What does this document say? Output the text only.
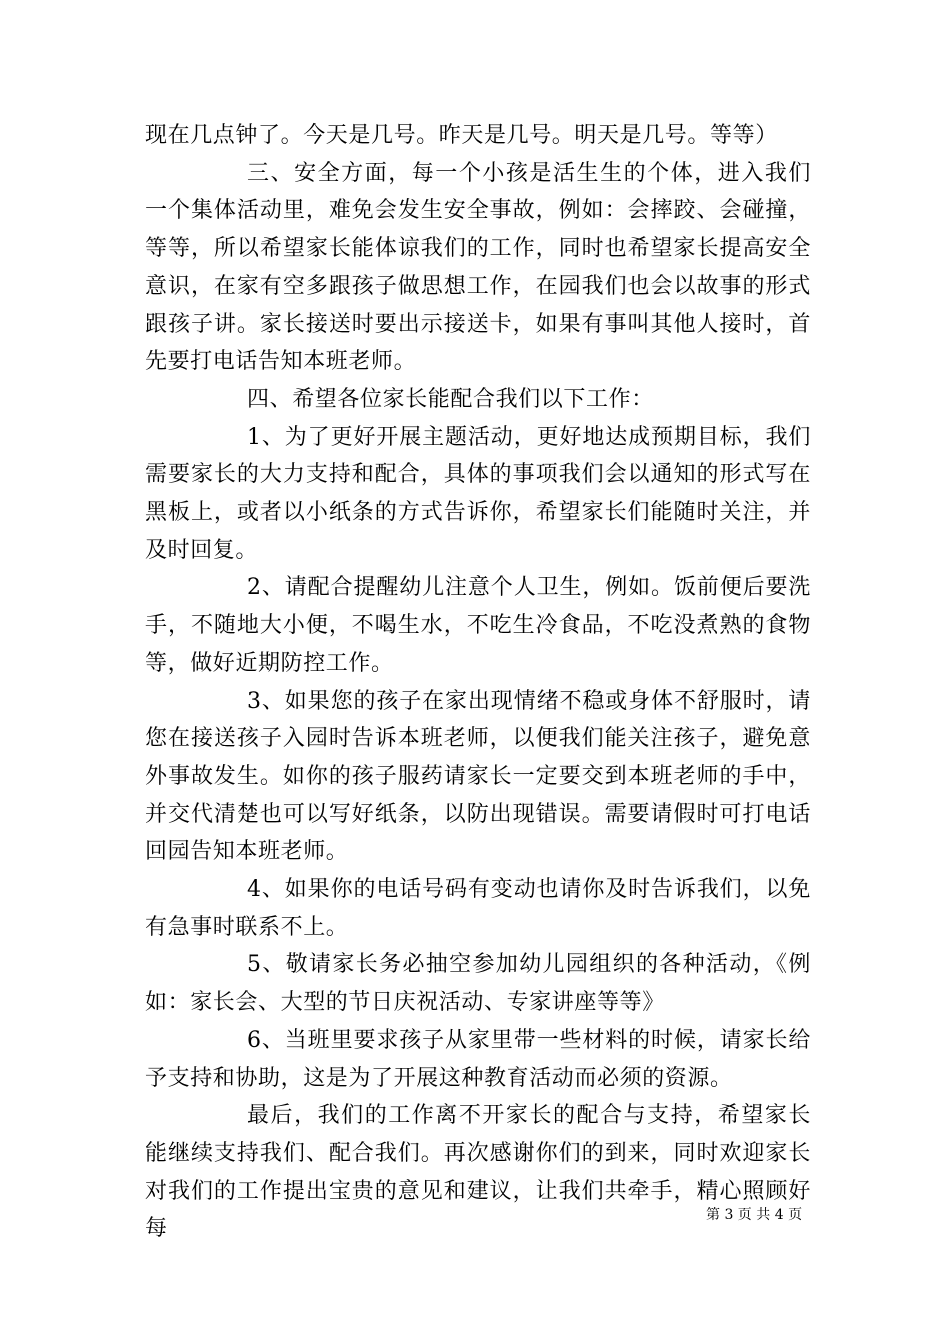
现在几点钟了。今天是几号。昨天是几号。明天是几号。等等）

三、安全方面，每一个小孩是活生生的个体，进入我们一个集体活动里，难免会发生安全事故，例如：会摔跤、会碰撞，等等，所以希望家长能体谅我们的工作，同时也希望家长提高安全意识，在家有空多跟孩子做思想工作，在园我们也会以故事的形式跟孩子讲。家长接送时要出示接送卡，如果有事叫其他人接时，首先要打电话告知本班老师。

四、希望各位家长能配合我们以下工作：

1、为了更好开展主题活动，更好地达成预期目标，我们需要家长的大力支持和配合，具体的事项我们会以通知的形式写在黑板上，或者以小纸条的方式告诉你，希望家长们能随时关注，并及时回复。

2、请配合提醒幼儿注意个人卫生，例如。饭前便后要洗手，不随地大小便，不喝生水，不吃生冷食品，不吃没煮熟的食物等，做好近期防控工作。

3、如果您的孩子在家出现情绪不稳或身体不舒服时，请您在接送孩子入园时告诉本班老师，以便我们能关注孩子，避免意外事故发生。如你的孩子服药请家长一定要交到本班老师的手中，并交代清楚也可以写好纸条，以防出现错误。需要请假时可打电话回园告知本班老师。

4、如果你的电话号码有变动也请你及时告诉我们，以免有急事时联系不上。

5、敬请家长务必抽空参加幼儿园组织的各种活动，《例如：家长会、大型的节日庆祝活动、专家讲座等等》

6、当班里要求孩子从家里带一些材料的时候，请家长给予支持和协助，这是为了开展这种教育活动而必须的资源。

最后，我们的工作离不开家长的配合与支持，希望家长能继续支持我们、配合我们。再次感谢你们的到来，同时欢迎家长对我们的工作提出宝贵的意见和建议，让我们共牵手，精心照顾好每

第 3 页 共 4 页
